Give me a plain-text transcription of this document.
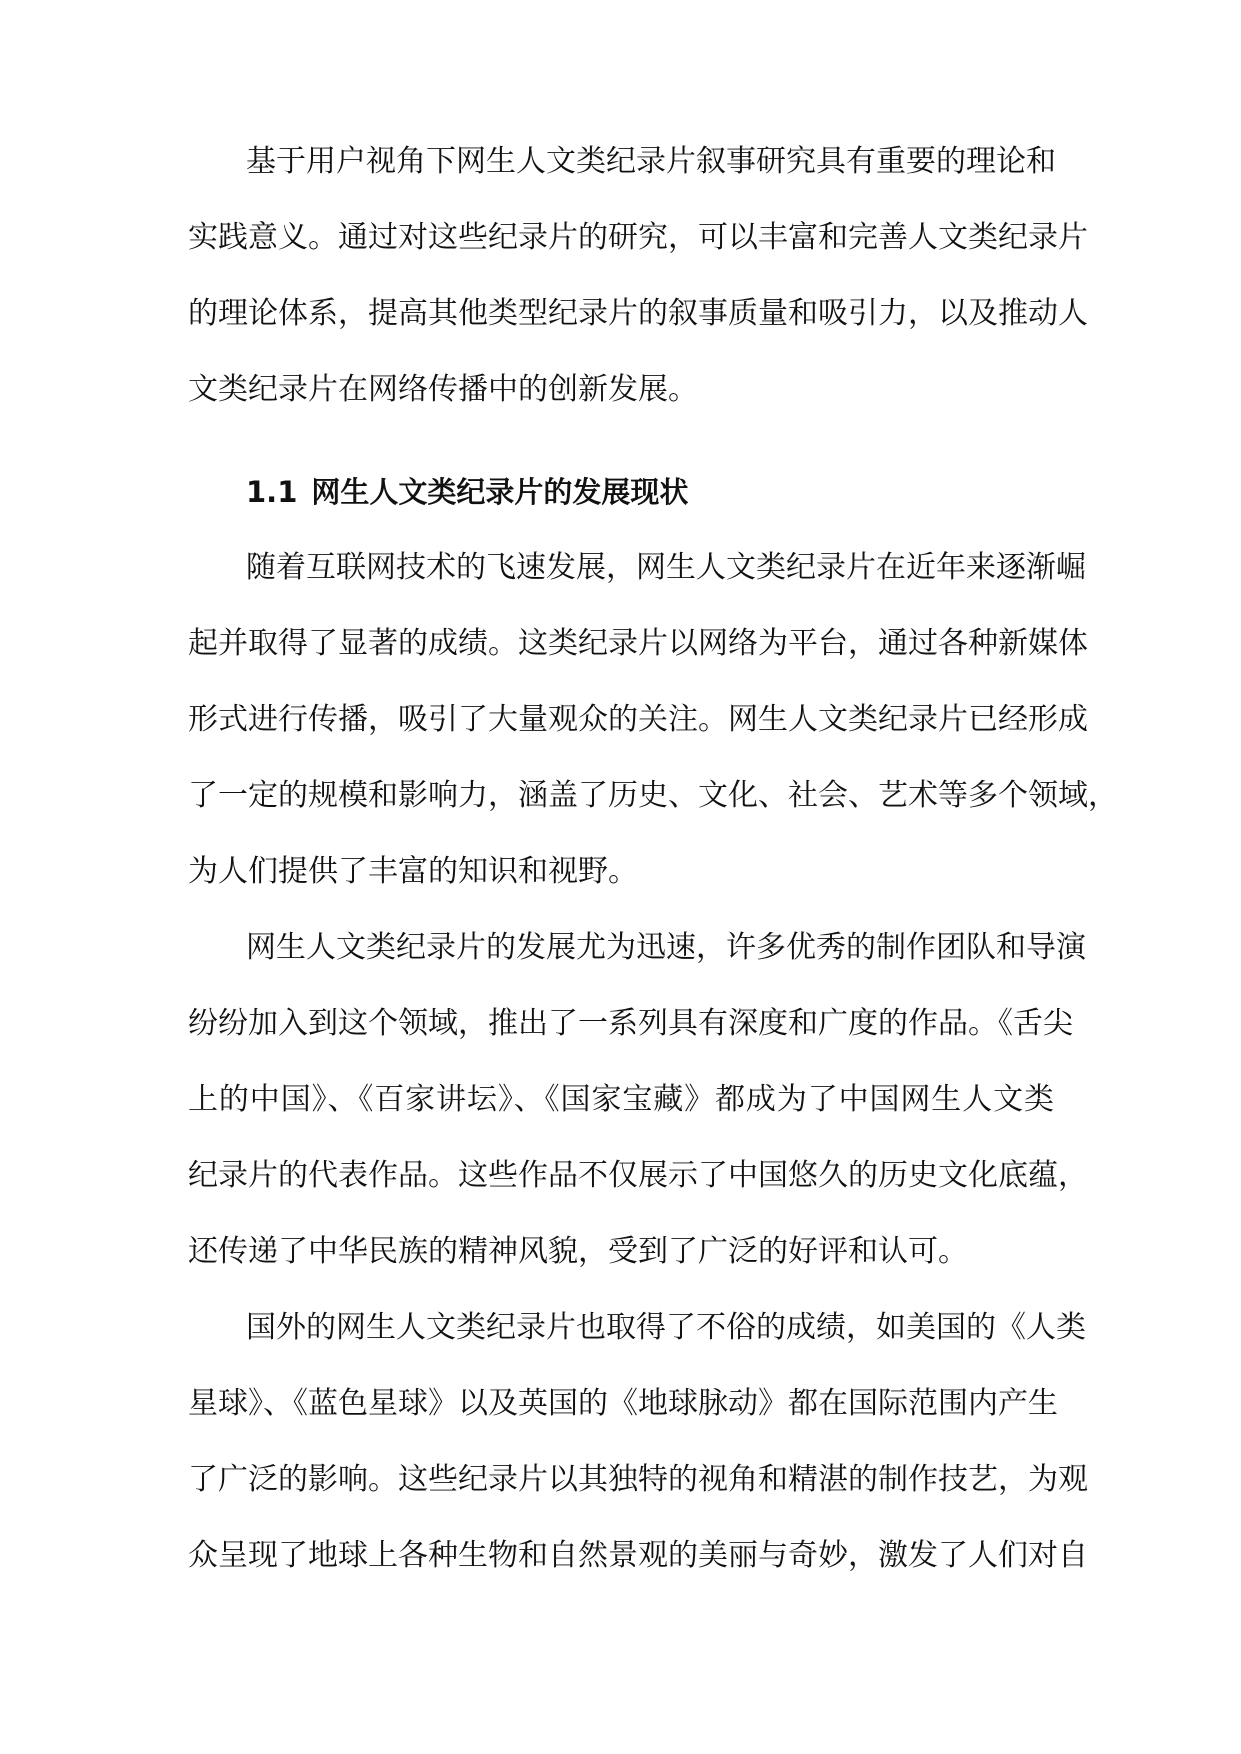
基于用户视角下网生人文类纪录片叙事研究具有重要的理论和
实践意义。通过对这些纪录片的研究，可以丰富和完善人文类纪录片
的理论体系，提高其他类型纪录片的叙事质量和吸引力，以及推动人
文类纪录片在网络传播中的创新发展。
1.1 网生人文类纪录片的发展现状
随着互联网技术的飞速发展，网生人文类纪录片在近年来逐渐崛
起并取得了显著的成绩。这类纪录片以网络为平台，通过各种新媒体
形式进行传播，吸引了大量观众的关注。网生人文类纪录片已经形成
了一定的规模和影响力，涵盖了历史、文化、社会、艺术等多个领域，
为人们提供了丰富的知识和视野。
网生人文类纪录片的发展尤为迅速，许多优秀的制作团队和导演
纷纷加入到这个领域，推出了一系列具有深度和广度的作品。《舌尖
上的中国》、《百家讲坛》、《国家宝藏》都成为了中国网生人文类
纪录片的代表作品。这些作品不仅展示了中国悠久的历史文化底蕴，
还传递了中华民族的精神风貌，受到了广泛的好评和认可。
国外的网生人文类纪录片也取得了不俗的成绩，如美国的《人类
星球》、《蓝色星球》以及英国的《地球脉动》都在国际范围内产生
了广泛的影响。这些纪录片以其独特的视角和精湛的制作技艺，为观
众呈现了地球上各种生物和自然景观的美丽与奇妙，激发了人们对自
